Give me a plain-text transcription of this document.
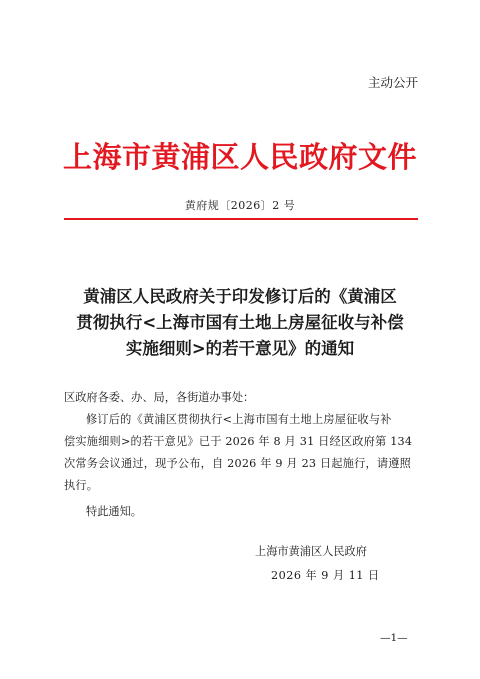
主动公开
上海市黄浦区人民政府文件
黄府规〔2026〕2 号
黄浦区人民政府关于印发修订后的《黄浦区
贯彻执行<上海市国有土地上房屋征收与补偿
实施细则>的若干意见》的通知
区政府各委、办、局，各街道办事处：
修订后的《黄浦区贯彻执行<上海市国有土地上房屋征收与补
偿实施细则>的若干意见》已于 2026 年 8 月 31 日经区政府第 134
次常务会议通过，现予公布，自 2026 年 9 月 23 日起施行，请遵照
执行。
特此通知。
上海市黄浦区人民政府
2026 年 9 月 11 日
—1—
